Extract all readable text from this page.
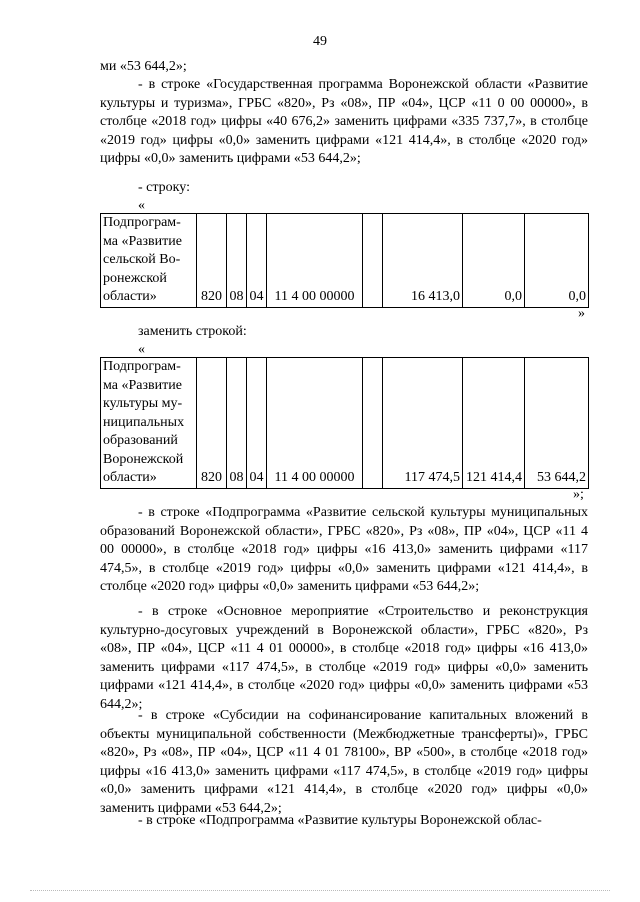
49
ми «53 644,2»;
- в строке «Государственная программа Воронежской области «Развитие культуры и туризма», ГРБС «820», Рз «08», ПР «04», ЦСР «11 0 00 00000», в столбце «2018 год» цифры «40 676,2» заменить цифрами «335 737,7», в столбце «2019 год» цифры «0,0» заменить цифрами «121 414,4», в столбце «2020 год» цифры «0,0» заменить цифрами «53 644,2»;
- строку:
«
Подпрограм-ма «Развитие сельской Во-ронежской области»	820	08	04	11 4 00 00000		16 413,0	0,0	0,0
»
заменить строкой:
«
Подпрограм-ма «Развитие культуры му-ниципальных образований Воронежской области»	820	08	04	11 4 00 00000		117 474,5	121 414,4	53 644,2
»;
- в строке «Подпрограмма «Развитие сельской культуры муниципальных образований Воронежской области», ГРБС «820», Рз «08», ПР «04», ЦСР «11 4 00 00000», в столбце «2018 год» цифры «16 413,0» заменить цифрами «117 474,5», в столбце «2019 год» цифры «0,0» заменить цифрами «121 414,4», в столбце «2020 год» цифры «0,0» заменить цифрами «53 644,2»;
- в строке «Основное мероприятие «Строительство и реконструкция культурно-досуговых учреждений в Воронежской области», ГРБС «820», Рз «08», ПР «04», ЦСР «11 4 01 00000», в столбце «2018 год» цифры «16 413,0» заменить цифрами «117 474,5», в столбце «2019 год» цифры «0,0» заменить цифрами «121 414,4», в столбце «2020 год» цифры «0,0» заменить цифрами «53 644,2»;
- в строке «Субсидии на софинансирование капитальных вложений в объекты муниципальной собственности (Межбюджетные трансферты)», ГРБС «820», Рз «08», ПР «04», ЦСР «11 4 01 78100», ВР «500», в столбце «2018 год» цифры «16 413,0» заменить цифрами «117 474,5», в столбце «2019 год» цифры «0,0» заменить цифрами «121 414,4», в столбце «2020 год» цифры «0,0» заменить цифрами «53 644,2»;
- в строке «Подпрограмма «Развитие культуры Воронежской облас-
